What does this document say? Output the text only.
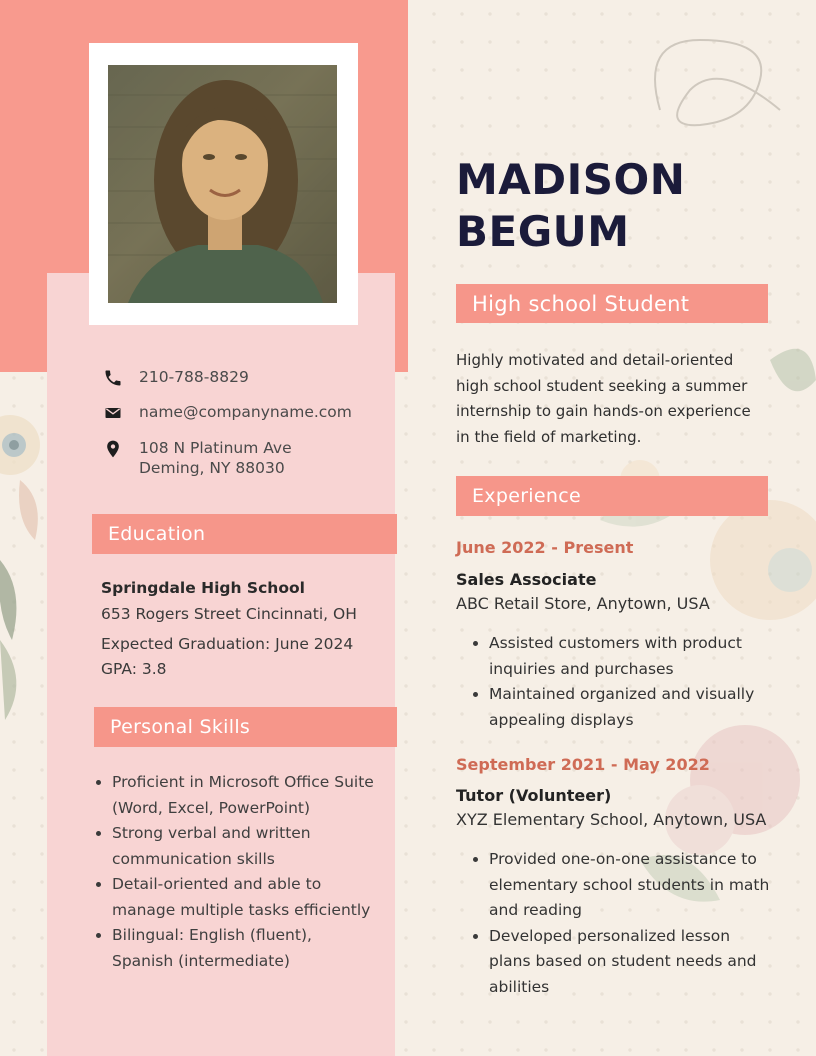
210-788-8829
name@companyname.com
108 N Platinum Ave
Deming, NY 88030
Education
Springdale High School
653 Rogers Street Cincinnati, OH
Expected Graduation: June 2024
GPA: 3.8
Personal Skills
Proficient in Microsoft Office Suite (Word, Excel, PowerPoint)
Strong verbal and written communication skills
Detail-oriented and able to manage multiple tasks efficiently
Bilingual: English (fluent), Spanish (intermediate)
MADISON
BEGUM
High school Student
Highly motivated and detail-oriented high school student seeking a summer internship to gain hands-on experience in the field of marketing.
Experience
June 2022 - Present
Sales Associate
ABC Retail Store, Anytown, USA
Assisted customers with product inquiries and purchases
Maintained organized and visually appealing displays
September 2021 - May 2022
Tutor (Volunteer)
XYZ Elementary School, Anytown, USA
Provided one-on-one assistance to elementary school students in math and reading
Developed personalized lesson plans based on student needs and abilities
